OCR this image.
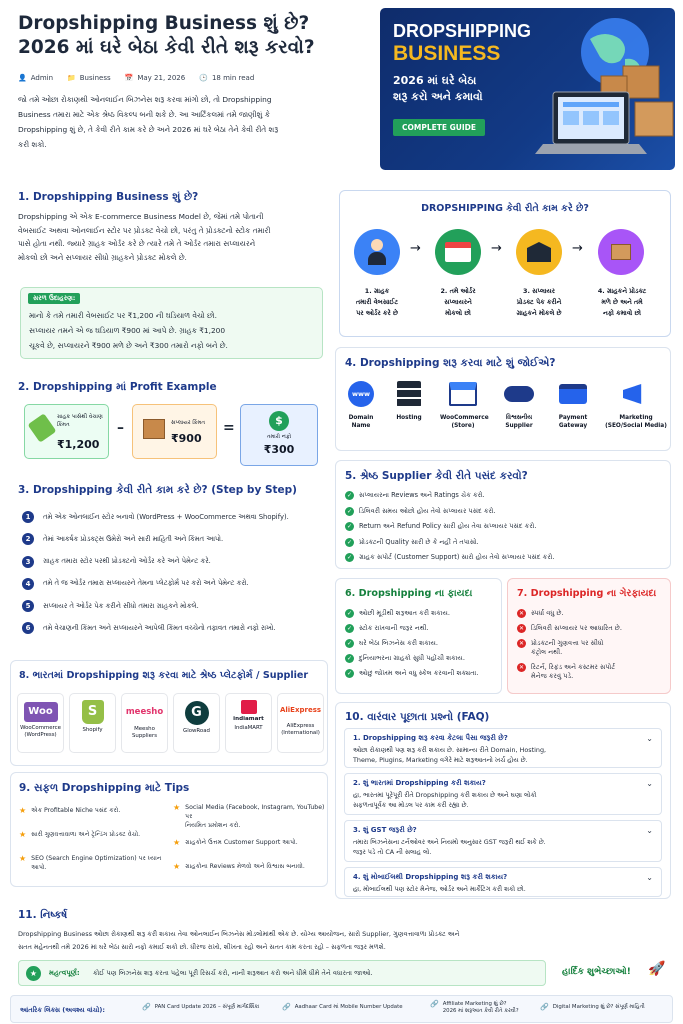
Dropshipping Business શું છે?
2026 માં ઘરે બેઠા કેવી રીતે શરૂ કરવો?
👤 Admin 📁 Business 📅 May 21, 2026 🕒 18 min read
જો તમે ઓછા રોકાણથી ઓનલાઈન બિઝનેસ શરૂ કરવા માંગો છો, તો Dropshipping
Business તમારા માટે એક શ્રેષ્ઠ વિકલ્પ બની શકે છે. આ આર્ટિકલમાં તમે જાણીશું કે
Dropshipping શું છે, તે કેવી રીતે કામ કરે છે અને 2026 માં ઘરે બેઠા તેને કેવી રીતે શરૂ
કરી શકો.
DROPSHIPPING
BUSINESS
2026 માં ઘરે બેઠા
શરૂ કરો અને કમાવો
COMPLETE GUIDE
1. Dropshipping Business શું છે?
Dropshipping એ એક E-commerce Business Model છે, જેમાં તમે પોતાની
વેબસાઈટ અથવા ઓનલાઈન સ્ટોર પર પ્રોડક્ટ વેચો છો, પરંતુ તે પ્રોડક્ટનો સ્ટોક તમારી
પાસે હોતા નથી. જ્યારે ગ્રાહક ઓર્ડર કરે છે ત્યારે તમે તે ઓર્ડર તમારા સપ્લાયરને
મોકલો છો અને સપ્લાયર સીધો ગ્રાહકને પ્રોડક્ટ મોકલે છે.
સરળ ઉદાહરણ:
માનો કે તમે તમારી વેબસાઈટ પર ₹1,200 ની ઘડિયાળ વેચો છો.
સપ્લાયર તમને એ જ ઘડિયાળ ₹900 માં આપે છે. ગ્રાહક ₹1,200
ચૂકવે છે, સપ્લાયરને ₹900 મળે છે અને ₹300 તમારો નફો બને છે.
2. Dropshipping માં Profit Example
ગ્રાહક પાસેથી વેચાણ કિંમત
₹1,200
–	સપ્લાયર કિંમત
₹900
=	$
તમારો નફો
₹300
3. Dropshipping કેવી રીતે કામ કરે છે? (Step by Step)
1	તમે એક ઓનલાઈન સ્ટોર બનાવો (WordPress + WooCommerce અથવા Shopify).
2	તેમાં આકર્ષક પ્રોડક્ટ્સ ઉમેરો અને સારી માહિતી અને કિંમત આપો.
3	ગ્રાહક તમારા સ્ટોર પરથી પ્રોડક્ટનો ઓર્ડર કરે અને પેમેન્ટ કરે.
4	તમે તે જ ઓર્ડર તમારા સપ્લાયરને તેમના પ્લેટફોર્મ પર કરો અને પેમેન્ટ કરો.
5	સપ્લાયર તે ઓર્ડર પેક કરીને સીધો તમારા ગ્રાહકને મોકલે.
6	તમે વેચાણની કિંમત અને સપ્લાયરને આપેલી કિંમત વચ્ચેનો તફાવત તમારો નફો રાખો.
8. ભારતમાં Dropshipping શરૂ કરવા માટે શ્રેષ્ઠ પ્લેટફોર્મ / Supplier
Woo
WooCommerce
(WordPress)
S
Shopify

meesho
Meesho
Suppliers
G
GlowRoad

indiamart
IndiaMART

AliExpress
AliExpress
(International)
9. સફળ Dropshipping માટે Tips
★ એક Profitable Niche પસંદ કરો.
★ સારી ગુણવત્તાવાળા અને ટ્રેન્ડિંગ પ્રોડક્ટ વેચો.
★ SEO (Search Engine Optimization) પર ધ્યાન
આપો.
★ Social Media (Facebook, Instagram, YouTube) પર
નિયમિત પ્રમોશન કરો.
★ ગ્રાહકોને ઉત્તમ Customer Support આપો.
★ ગ્રાહકોના Reviews મેળવો અને વિશ્વાસ બનાવો.
DROPSHIPPING કેવી રીતે કામ કરે છે?
→	→	→
1. ગ્રાહક
તમારી વેબસાઈટ
પર ઓર્ડર કરે છે
2. તમે ઓર્ડર
સપ્લાયરને
મોકલો છો
3. સપ્લાયર
પ્રોડક્ટ પેક કરીને
ગ્રાહકને મોકલે છે
4. ગ્રાહકને પ્રોડક્ટ
મળે છે અને તમે
નફો કમાવો છો
4. Dropshipping શરૂ કરવા માટે શું જોઈએ?
www
Domain
Name
Hosting	WooCommerce
(Store)
વિશ્વસનીય
Supplier
Payment
Gateway
Marketing
(SEO/Social Media)
5. શ્રેષ્ઠ Supplier કેવી રીતે પસંદ કરવો?
✓	સપ્લાયરના Reviews અને Ratings ચેક કરો.
✓	ડિલિવરી સમય ઓછો હોય તેવો સપ્લાયર પસંદ કરો.
✓	Return અને Refund Policy સારી હોય તેવા સપ્લાયર પસંદ કરો.
✓	પ્રોડક્ટની Quality સારી છે કે નહીં તે તપાસો.
✓	ગ્રાહક સપોર્ટ (Customer Support) સારો હોય તેવો સપ્લાયર પસંદ કરો.
6. Dropshipping ના ફાયદા
✓	ઓછી મૂડીથી શરૂઆત કરી શકાય.
✓	સ્ટોક રાખવાની જરૂર નથી.
✓	ઘરે બેઠા બિઝનેસ કરી શકાય.
✓	દુનિયાભરના ગ્રાહકો સુધી પહોંચી શકાય.
✓	ઓછું જોખમ અને વધુ સ્કેલ કરવાની શક્યતા.
7. Dropshipping ના ગેરફાયદા
✕	સ્પર્ધા વધુ છે.
✕	ડિલિવરી સપ્લાયર પર આધારિત છે.
✕	પ્રોડક્ટની ગુણવત્તા પર સીધો
કંટ્રોલ નથી.
✕	રિટર્ન, રિફંડ અને કસ્ટમર સપોર્ટ
મેનેજ કરવું પડે.
10. વારંવાર પૂછાતા પ્રશ્નો (FAQ)
1. Dropshipping શરૂ કરવા કેટલા પૈસા જરૂરી છે?
ઓછા રોકાણથી પણ શરૂ કરી શકાય છે. સામાન્ય રીતે Domain, Hosting,
Theme, Plugins, Marketing વગેરે માટે શરૂઆતનો ખર્ચ હોય છે.
⌄
2. શું ભારતમાં Dropshipping કરી શકાય?
હા, ભારતમાં પૂરેપૂરી રીતે Dropshipping કરી શકાય છે અને ઘણા લોકો
સફળતાપૂર્વક આ મોડલ પર કામ કરી રહ્યા છે.
⌄
3. શું GST જરૂરી છે?
તમારા બિઝનેસના ટર્નઓવર અને નિયમો અનુસાર GST જરૂરી થઈ શકે છે.
જરૂર પડે તો CA ની સલાહ લો.
⌄
4. શું મોબાઈલથી Dropshipping શરૂ કરી શકાય?
હા, મોબાઈલથી પણ સ્ટોર મેનેજ, ઓર્ડર અને માર્કેટિંગ કરી શકો છો.
⌄
11. નિષ્કર્ષ
Dropshipping Business ઓછા રોકાણથી શરૂ કરી શકાય તેવા ઓનલાઈન બિઝનેસ મોડલોમાંથી એક છે. યોગ્ય આયોજન, સારો Supplier, ગુણવત્તાવાળા પ્રોડક્ટ અને
સતત મહેનતથી તમે 2026 માં ઘરે બેઠા સારો નફો કમાઈ શકો છો. ધીરજ રાખો, શીખતા રહો અને સતત કામ કરતા રહો – સફળતા જરૂર મળશે.
★	મહત્વપૂર્ણ: કોઈ પણ બિઝનેસ શરૂ કરતા પહેલા પૂરી રિસર્ચ કરો, નાની શરૂઆત કરો અને ધીમે ધીમે તેને વધારતા જાઓ.	હાર્દિક શુભેચ્છાઓ! 🚀
આંતરિક લિંક્સ (અવશ્ય વાંચો):	🔗 PAN Card Update 2026 – સંપૂર્ણ માર્ગદર્શિકા	🔗 Aadhaar Card માં Mobile Number Update	🔗 Affiliate Marketing શું છે?
2026 માં શરૂઆત કેવી રીતે કરવી?	🔗 Digital Marketing શું છે? સંપૂર્ણ માહિતી
